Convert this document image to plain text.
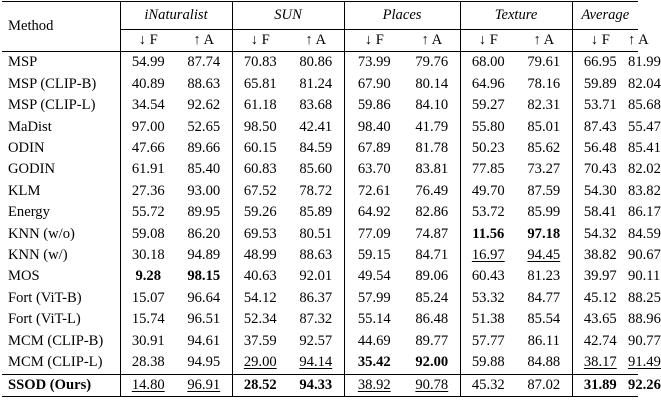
Method	iNaturalist		SUN		Places		Texture		Average	
	↓ F	↑ A	↓ F	↑ A	↓ F	↑ A	↓ F	↑ A	↓ F	↑ A
MSP	54.99	87.74	70.83	80.86	73.99	79.76	68.00	79.61	66.95	81.99
MSP (CLIP-B)	40.89	88.63	65.81	81.24	67.90	80.14	64.96	78.16	59.89	82.04
MSP (CLIP-L)	34.54	92.62	61.18	83.68	59.86	84.10	59.27	82.31	53.71	85.68
MaDist	97.00	52.65	98.50	42.41	98.40	41.79	55.80	85.01	87.43	55.47
ODIN	47.66	89.66	60.15	84.59	67.89	81.78	50.23	85.62	56.48	85.41
GODIN	61.91	85.40	60.83	85.60	63.70	83.81	77.85	73.27	70.43	82.02
KLM	27.36	93.00	67.52	78.72	72.61	76.49	49.70	87.59	54.30	83.82
Energy	55.72	89.95	59.26	85.89	64.92	82.86	53.72	85.99	58.41	86.17
KNN (w/o)	59.08	86.20	69.53	80.51	77.09	74.87	11.56	97.18	54.32	84.59
KNN (w/)	30.18	94.89	48.99	88.63	59.15	84.71	16.97	94.45	38.82	90.67
MOS	9.28	98.15	40.63	92.01	49.54	89.06	60.43	81.23	39.97	90.11
Fort (ViT-B)	15.07	96.64	54.12	86.37	57.99	85.24	53.32	84.77	45.12	88.25
Fort (ViT-L)	15.74	96.51	52.34	87.32	55.14	86.48	51.38	85.54	43.65	88.96
MCM (CLIP-B)	30.91	94.61	37.59	92.57	44.69	89.77	57.77	86.11	42.74	90.77
MCM (CLIP-L)	28.38	94.95	29.00	94.14	35.42	92.00	59.88	84.88	38.17	91.49
SSOD (Ours)	14.80	96.91	28.52	94.33	38.92	90.78	45.32	87.02	31.89	92.26
